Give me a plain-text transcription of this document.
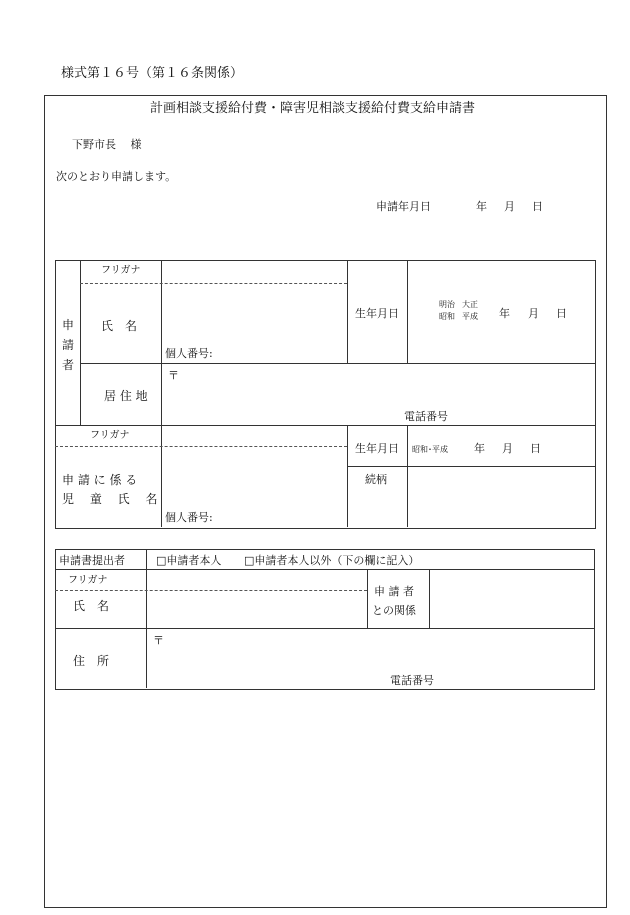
様式第１６号（第１６条関係）
計画相談支援給付費・障害児相談支援給付費支給申請書
下野市長　 様
次のとおり申請します。
申請年月日	年 月 日
申
請
者
フリガナ
氏　名
個人番号:
生年月日
明治 大正
昭和 平成 年 月 日
居 住 地
〒
電話番号
フリガナ
申 請 に 係 る
児　 童　 氏　 名
個人番号:
生年月日 昭和･平成 年 月 日
続柄
申請書提出者	□申請者本人 □申請者本人以外（下の欄に記入）
フリガナ
氏　名
申 請 者
との関係
住　所
〒
電話番号
